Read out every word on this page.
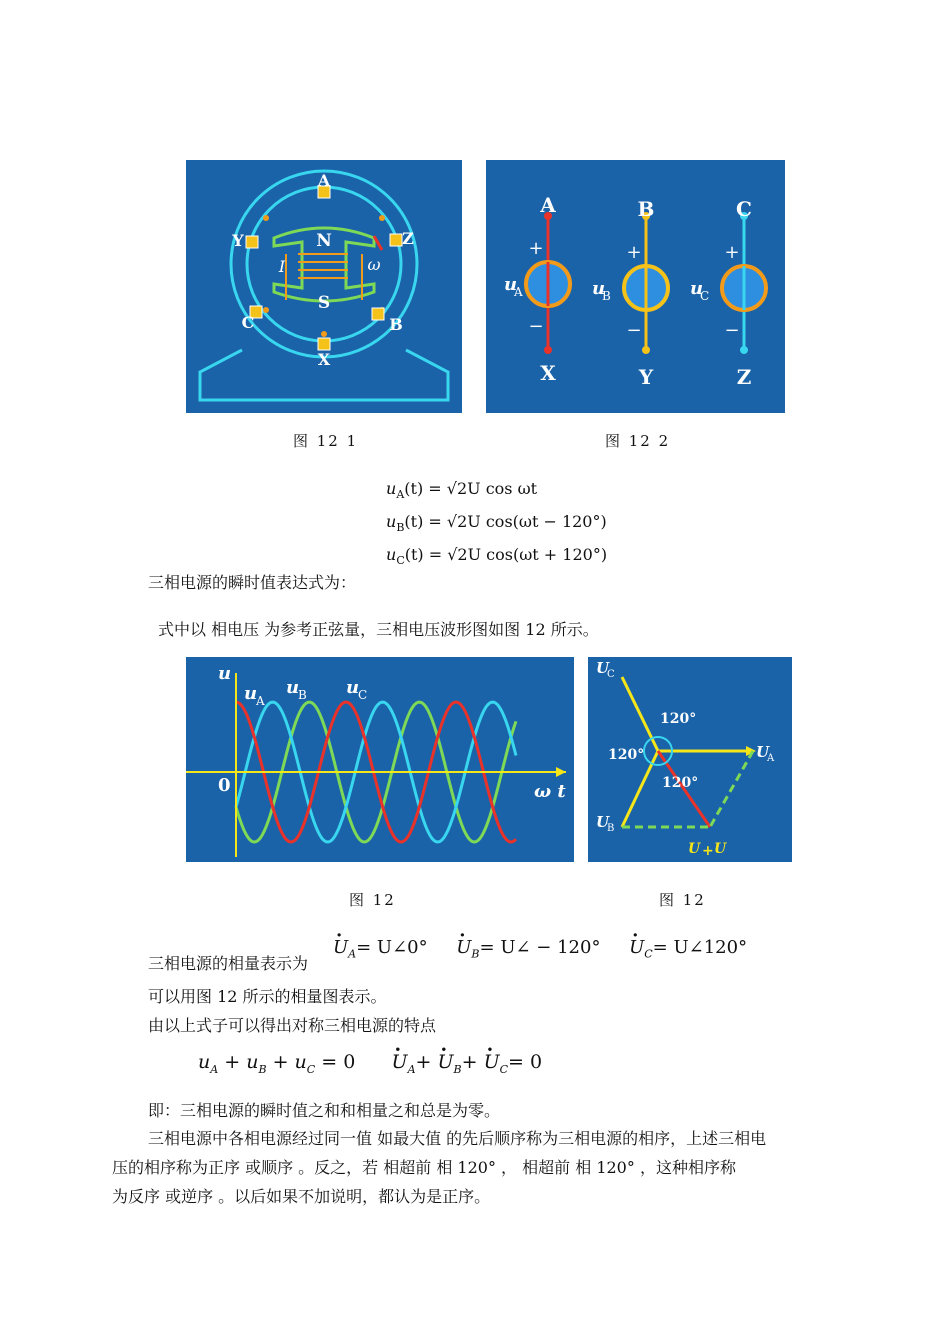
A
X
Y	Z
B
C
N
S
I	ω
图 12 1
A
X
+
−
u
A
B
Y
+
−
u
B
C
Z
+
−
u
C
图 12 2
$u_A(t) = √2U$ cos ωt
$u_B(t) = √2U$ cos(ωt − 120°)
$u_C(t) = √2U$ cos(ωt + 120°)
三相电源的瞬时值表达式为：
式中以 相电压 为参考正弦量，三相电压波形图如图 12 所示。
u
ω t
0
u
A
u
B u
C
图 12
120°
120°
120°
U
C
U
A
U
B
U + U
图 12
三相电源的相量表示为
· $U_A=$ U∠0°     · $U_B=$ U∠ − 120°     · $U_C=$ U∠120°
可以用图 12 所示的相量图表示。
由以上式子可以得出对称三相电源的特点
$u_A + u_B + u_C = 0$      · $U_A+ \cdot U_B+ \cdot U_C= 0$
即：三相电源的瞬时值之和和相量之和总是为零。
三相电源中各相电源经过同一值 如最大值 的先后顺序称为三相电源的相序，上述三相电
压的相序称为正序 或顺序 。反之，若 相超前 相 120° ， 相超前 相 120° ，这种相序称
为反序 或逆序 。以后如果不加说明，都认为是正序。
